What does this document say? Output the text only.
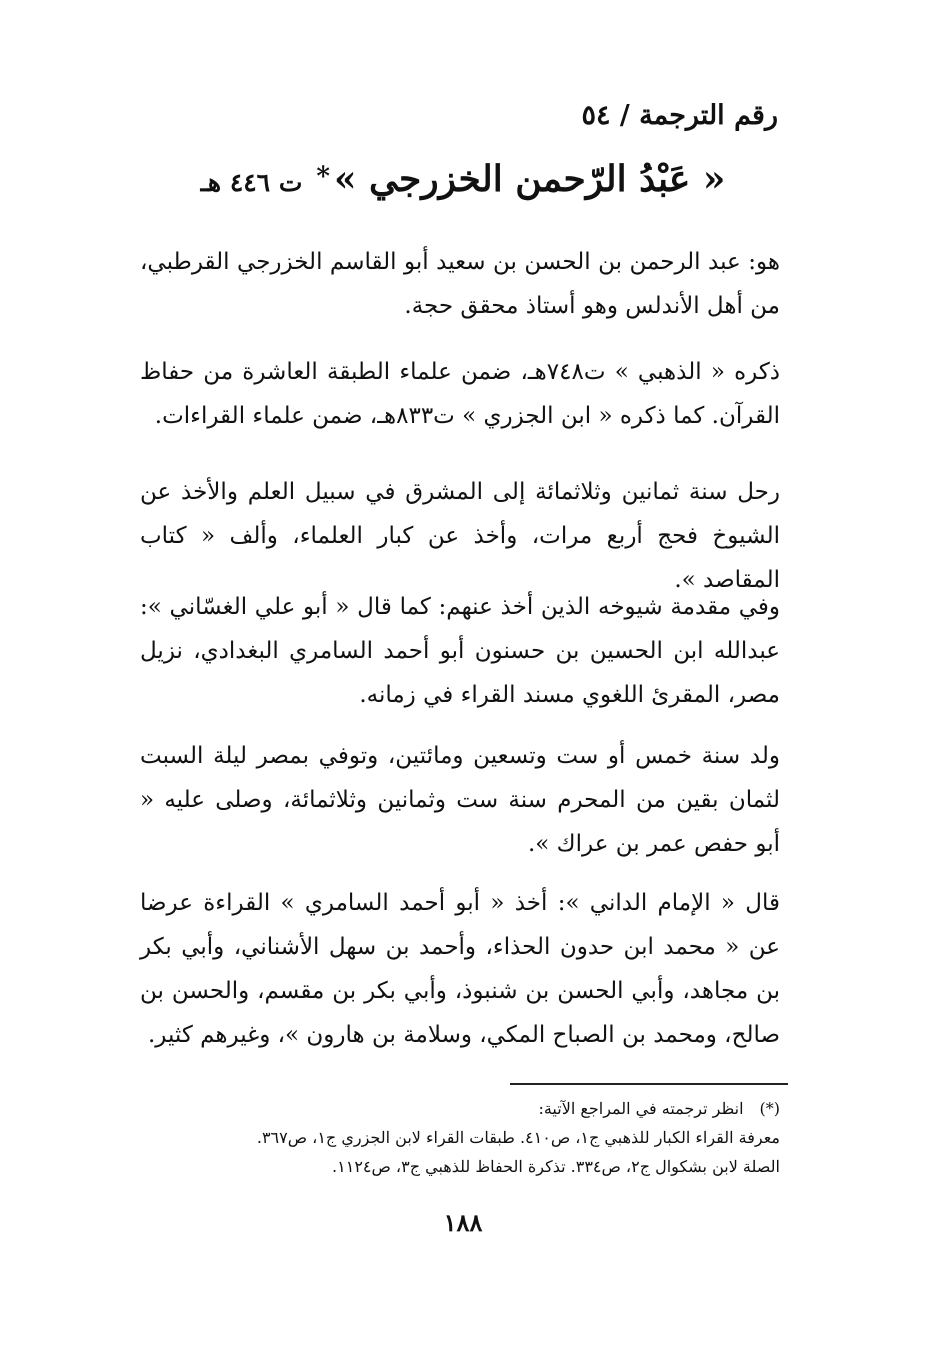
رقم الترجمة / ٥٤
« عَبْدُ الرّحمن الخزرجي »*ت ٤٤٦ هـ

هو: عبد الرحمن بن الحسن بن سعيد أبو القاسم الخزرجي القرطبي، من أهل الأندلس وهو أستاذ محقق حجة.

ذكره « الذهبي » ت٧٤٨هـ، ضمن علماء الطبقة العاشرة من حفاظ القرآن. كما ذكره « ابن الجزري » ت٨٣٣هـ، ضمن علماء القراءات.

رحل سنة ثمانين وثلاثمائة إلى المشرق في سبيل العلم والأخذ عن الشيوخ فحج أربع مرات، وأخذ عن كبار العلماء، وألف « كتاب المقاصد ».

وفي مقدمة شيوخه الذين أخذ عنهم: كما قال « أبو علي الغسّاني »: عبدالله ابن الحسين بن حسنون أبو أحمد السامري البغدادي، نزيل مصر، المقرئ اللغوي مسند القراء في زمانه.

ولد سنة خمس أو ست وتسعين ومائتين، وتوفي بمصر ليلة السبت لثمان بقين من المحرم سنة ست وثمانين وثلاثمائة، وصلى عليه « أبو حفص عمر بن عراك ».

قال « الإمام الداني »: أخذ « أبو أحمد السامري » القراءة عرضا عن « محمد ابن حدون الحذاء، وأحمد بن سهل الأشناني، وأبي بكر بن مجاهد، وأبي الحسن بن شنبوذ، وأبي بكر بن مقسم، والحسن بن صالح، ومحمد بن الصباح المكي، وسلامة بن هارون »، وغيرهم كثير.

(*)انظر ترجمته في المراجع الآتية:
معرفة القراء الكبار للذهبي ج١، ص٤١٠. طبقات القراء لابن الجزري ج١، ص٣٦٧.
الصلة لابن بشكوال ج٢، ص٣٣٤. تذكرة الحفاظ للذهبي ج٣، ص١١٢٤.
١٨٨
